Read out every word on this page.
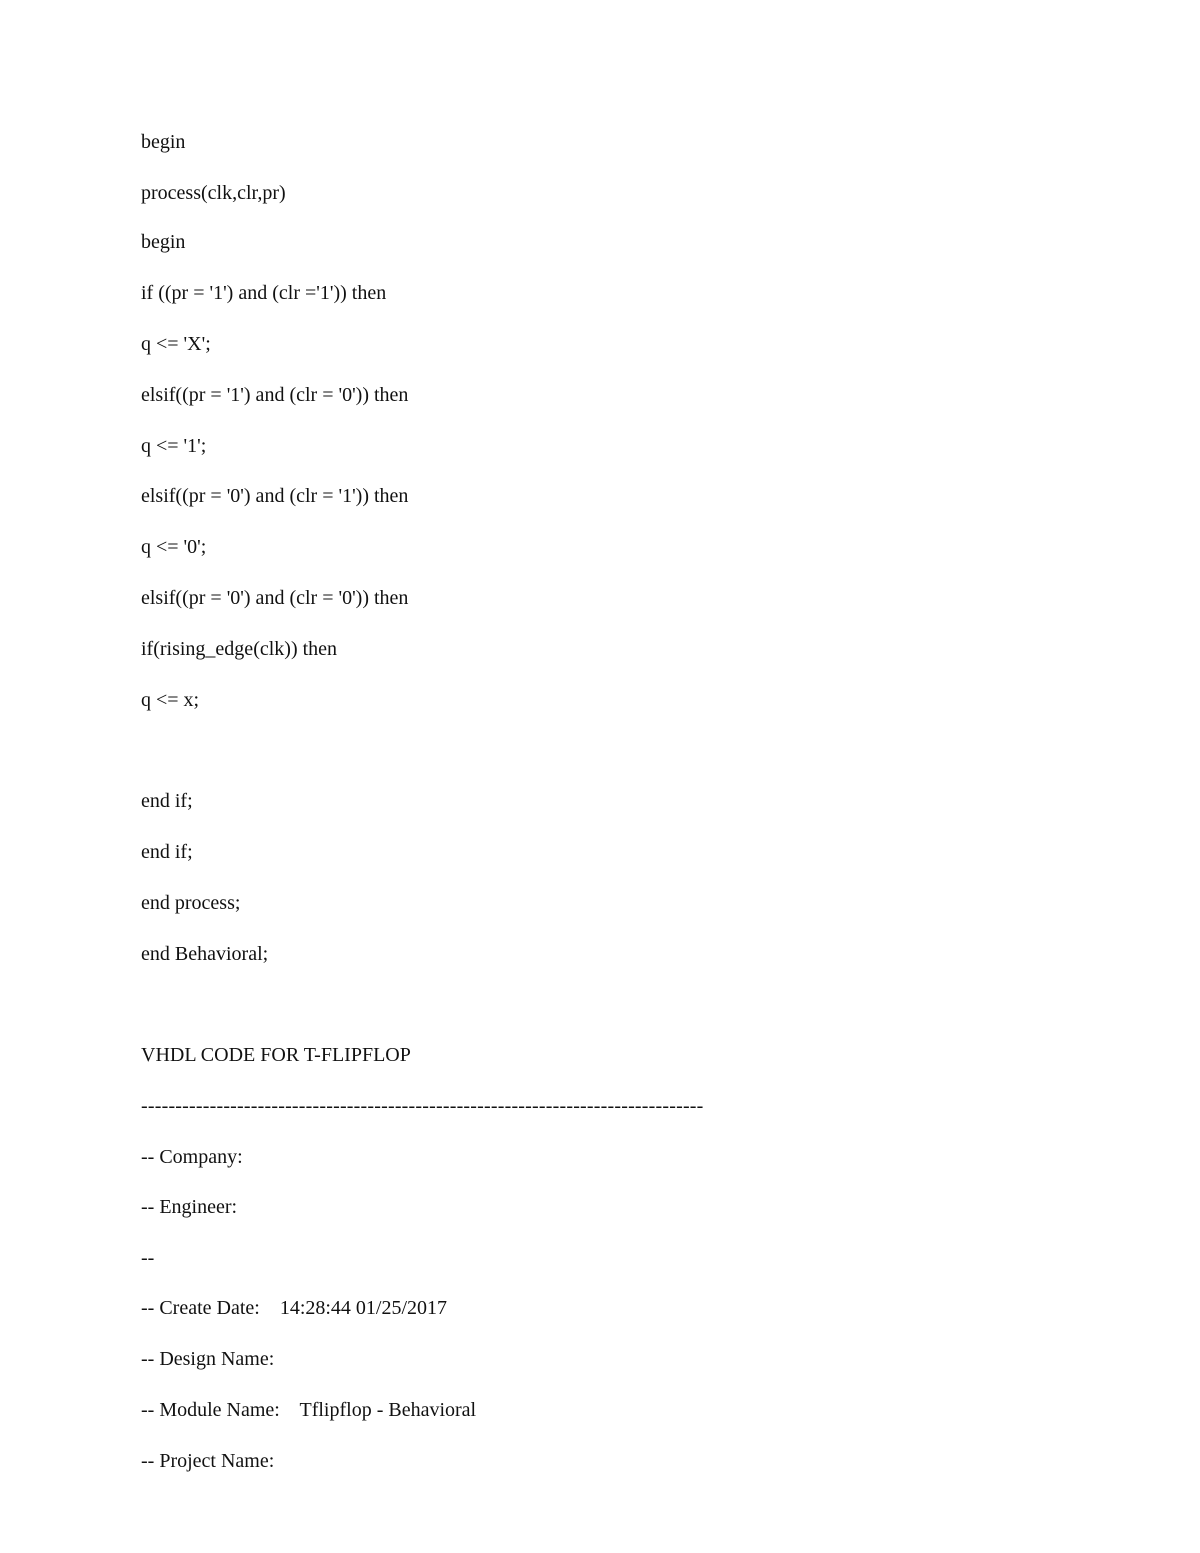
begin

process(clk,clr,pr)

begin

if ((pr = '1') and (clr ='1')) then

q <= 'X';

elsif((pr = '1') and (clr = '0')) then

q <= '1';

elsif((pr = '0') and (clr = '1')) then

q <= '0';

elsif((pr = '0') and (clr = '0')) then

if(rising_edge(clk)) then

q <= x;

end if;

end if;

end process;

end Behavioral;

VHDL CODE FOR T-FLIPFLOP

----------------------------------------------------------------------------------

-- Company:

-- Engineer:

--

-- Create Date:    14:28:44 01/25/2017

-- Design Name:

-- Module Name:    Tflipflop - Behavioral

-- Project Name:
